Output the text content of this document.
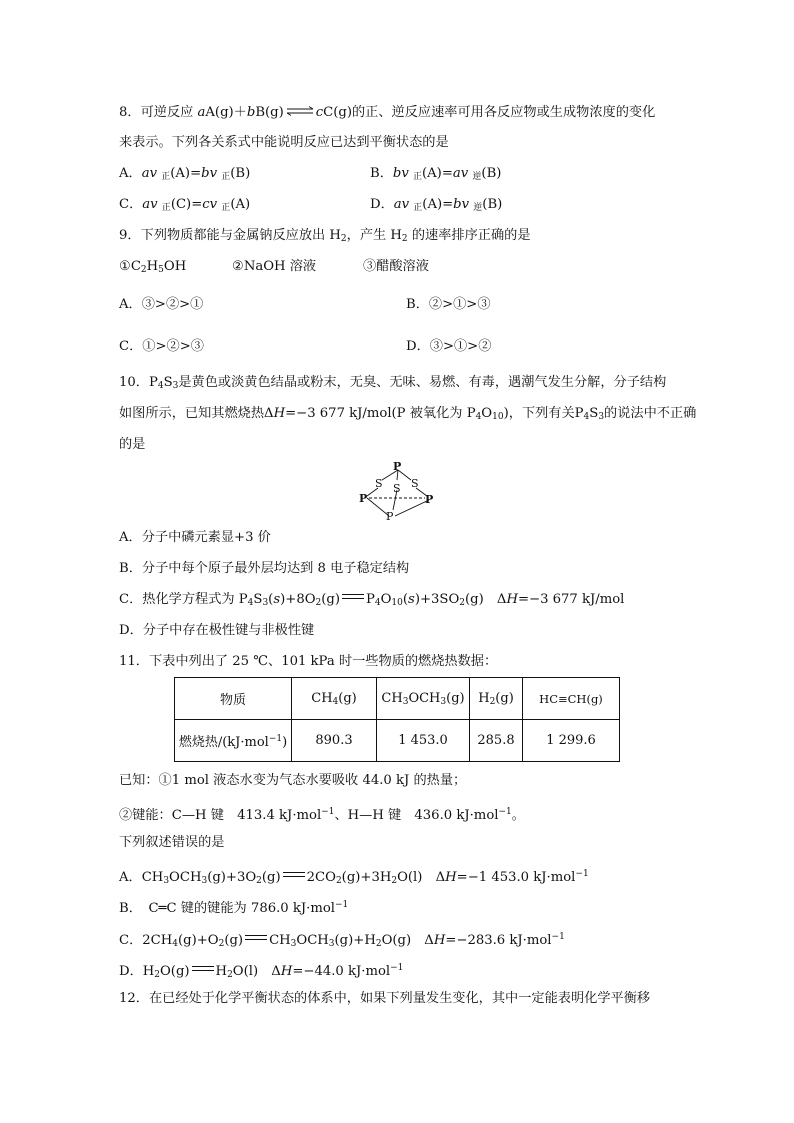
8．可逆反应 aA(g)＋bB(g)⇌cC(g)的正、逆反应速率可用各反应物或生成物浓度的变化
来表示。下列各关系式中能说明反应已达到平衡状态的是
A．av $_正$(A)=bv $_正$(B)	B．bv $_正$(A)=av $_逆$(B)
C．av $_正$(C)=cv $_正$(A)	D．av $_正$(A)=bv $_逆$(B)
9．下列物质都能与金属钠反应放出 $H_2$，产生 $H_2$ 的速率排序正确的是
$①C_2H_5OH$	②NaOH 溶液	③醋酸溶液
A．③>②>①	B．②>①>③
C．①>②>③	D．③>①>②
10．$P_4S_3$是黄色或淡黄色结晶或粉末，无臭、无味、易燃、有毒，遇潮气发生分解，分子结构
如图所示，已知其燃烧热ΔH=−3 677 kJ/mol(P 被氧化为 $P_4O_{10}$)，下列有关$P_4S_3$的说法中不正确
的是
P
S S S
P	P
P
A．分子中磷元素显+3 价
B．分子中每个原子最外层均达到 8 电子稳定结构
C．热化学方程式为 $P_4S_3(s)+8O_2(g)$ $P_4O_{10}(s)+3SO_2(g)$　ΔH=−3 677 kJ/mol
D．分子中存在极性键与非极性键
11．下表中列出了 25 ℃、101 kPa 时一些物质的燃烧热数据：
物质	$CH_4(g)$	$CH_3OCH_3(g)$	$H_2(g)$	HC≡CH(g)
燃烧热/(kJ·mol$^{-1}$)	890.3	1 453.0	285.8	1 299.6
已知：①1 mol 液态水变为气态水要吸收 44.0 kJ 的热量；
②键能：C—H 键　413.4 kJ·mol$^{-1}$、H—H 键　436.0 kJ·mol$^{-1}$。
下列叙述错误的是
A．$CH_3OCH_3(g)+3O_2(g)$ $2CO_2(g)+3H_2O(l)$　ΔH=−1 453.0 kJ·mol$^{-1}$
B．　 C═C 键的键能为 786.0 kJ·mol$^{-1}$
C．$2CH_4(g)+O_2(g)$ $CH_3OCH_3(g)+H_2O(g)$　ΔH=−283.6 kJ·mol$^{-1}$
D．$H_2O(g)$ $H_2O(l)$　ΔH=−44.0 kJ·mol$^{-1}$
12．在已经处于化学平衡状态的体系中，如果下列量发生变化，其中一定能表明化学平衡移
